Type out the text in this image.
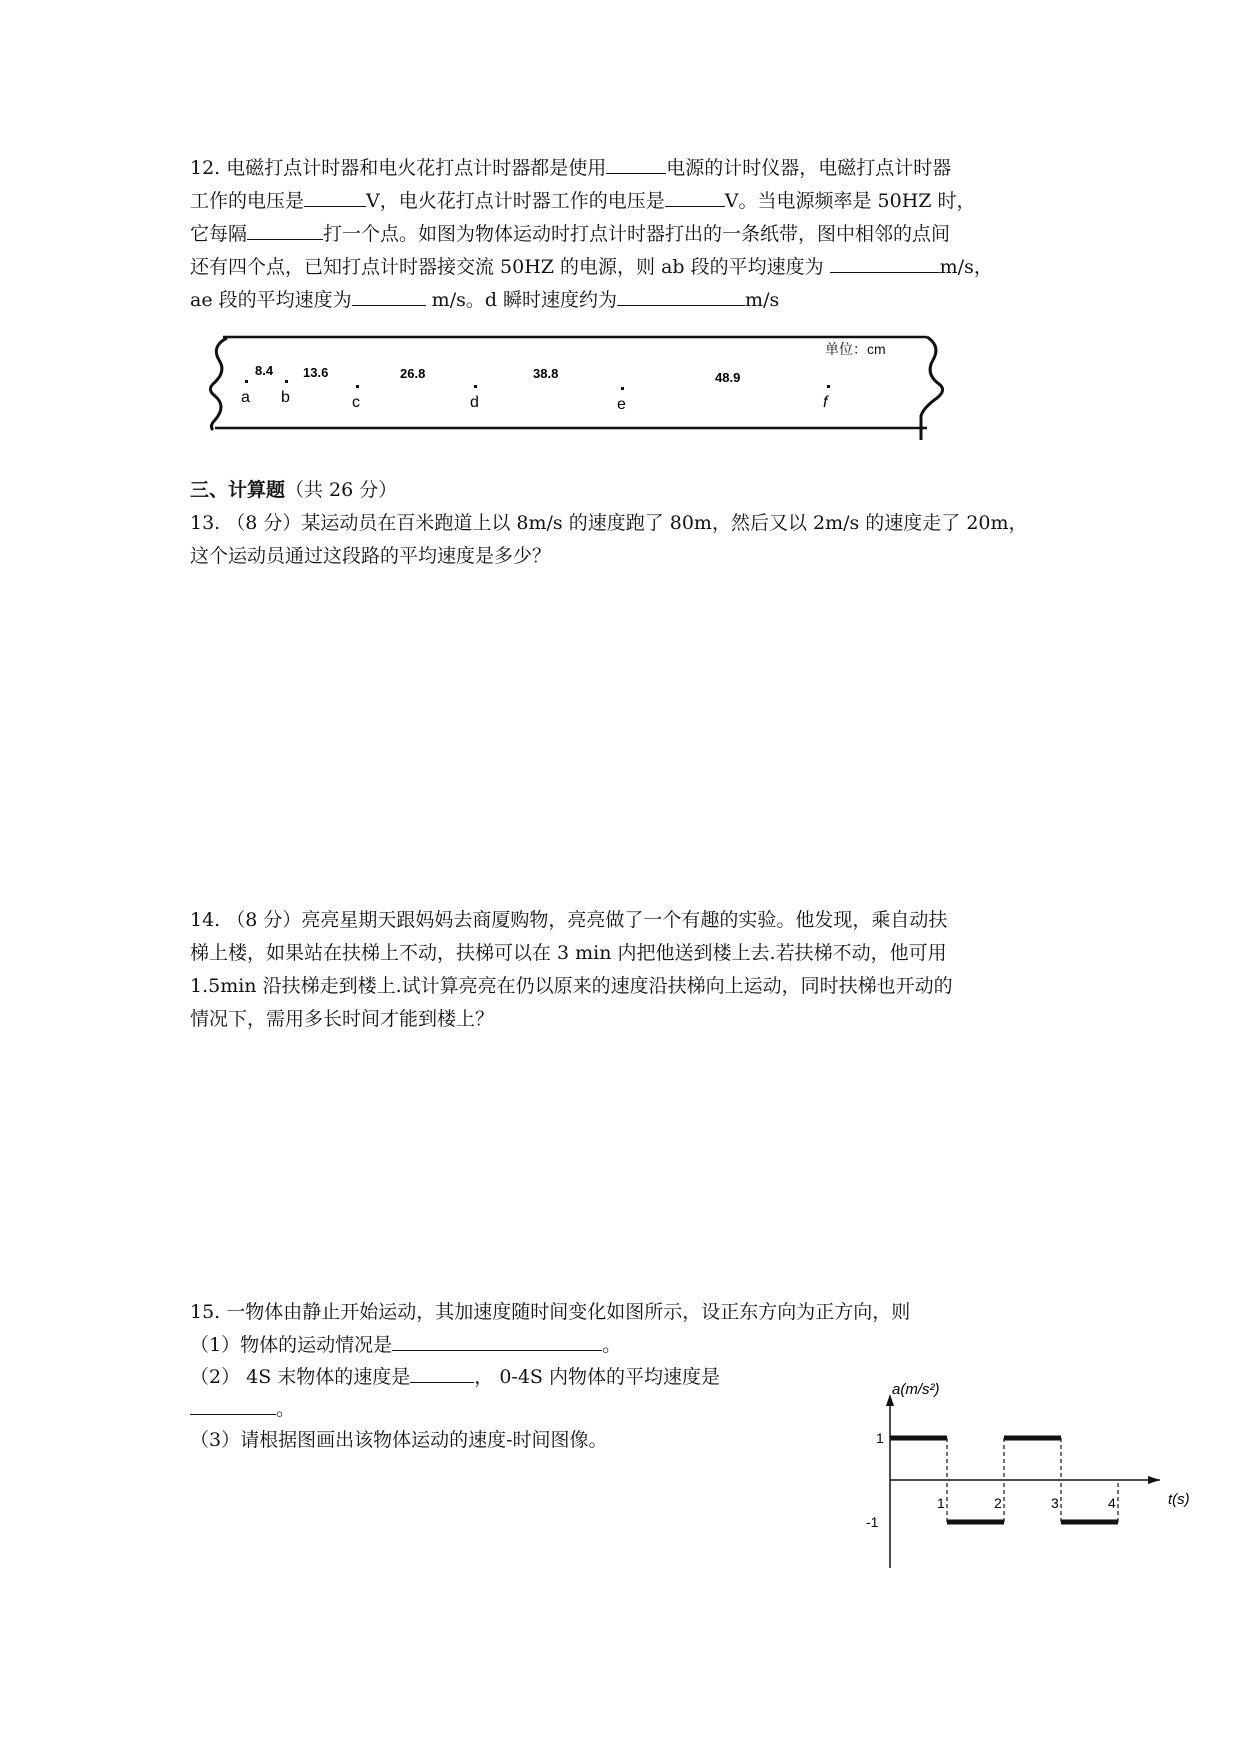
12. 电磁打点计时器和电火花打点计时器都是使用	电源的计时仪器，电磁打点计时器
工作的电压是	V，电火花打点计时器工作的电压是	V。当电源频率是 50HZ 时，
它每隔	打一个点。如图为物体运动时打点计时器打出的一条纸带，图中相邻的点间
还有四个点，已知打点计时器接交流 50HZ 的电源，则 ab 段的平均速度为	m/s，
ae 段的平均速度为	m/s。d 瞬时速度约为	m/s
单位：cm
a b	c	d	e	f
8.4 13.6	26.8	38.8	48.9
三、计算题（共 26 分）
13. （8 分）某运动员在百米跑道上以 8m/s 的速度跑了 80m，然后又以 2m/s 的速度走了 20m，
这个运动员通过这段路的平均速度是多少？
14. （8 分）亮亮星期天跟妈妈去商厦购物，亮亮做了一个有趣的实验。他发现，乘自动扶
梯上楼，如果站在扶梯上不动，扶梯可以在 3 min 内把他送到楼上去.若扶梯不动，他可用
1.5min 沿扶梯走到楼上.试计算亮亮在仍以原来的速度沿扶梯向上运动，同时扶梯也开动的
情况下，需用多长时间才能到楼上？
15. 一物体由静止开始运动，其加速度随时间变化如图所示，设正东方向为正方向，则
（1）物体的运动情况是	。
（2） 4S 末物体的速度是	， 0-4S 内物体的平均速度是
。
（3）请根据图画出该物体运动的速度-时间图像。
1	2	3	4
1
-1
a(m/s²)
t(s)
